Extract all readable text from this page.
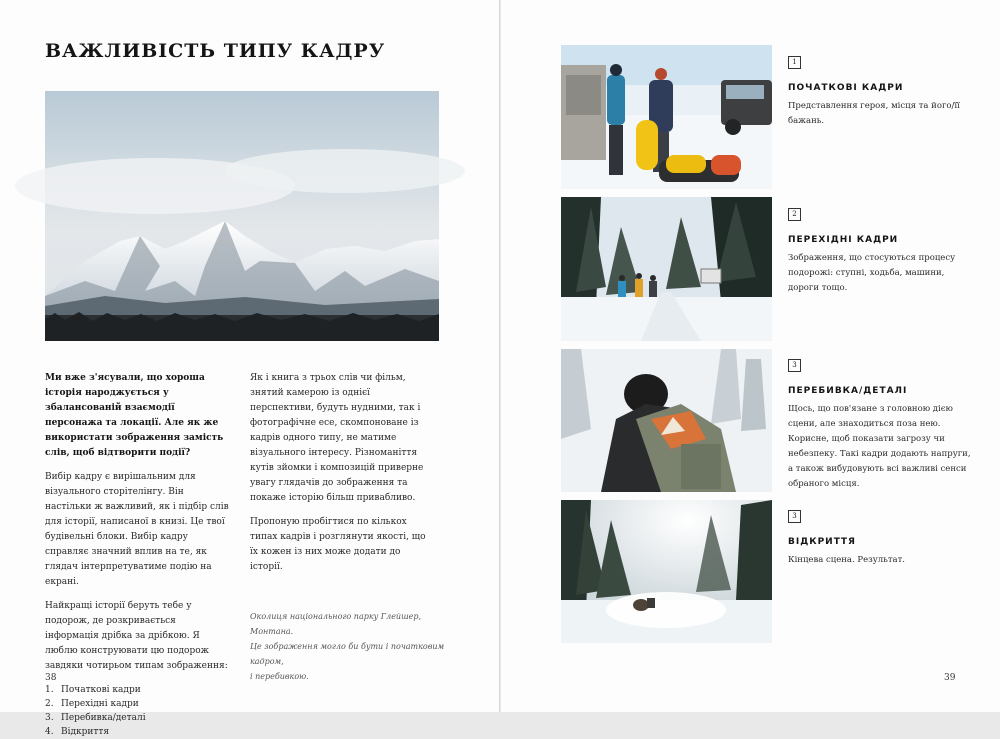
ВАЖЛИВІСТЬ ТИПУ КАДРУ

Ми вже з'ясували, що хороша історія народжується у збалансованій взаємодії персонажа та локації. Але як же використати зображення замість слів, щоб відтворити події?

Вибір кадру є вирішальним для візуального сторітелінгу. Він настільки ж важливий, як і підбір слів для історії, написаної в книзі. Це твої будівельні блоки. Вибір кадру справляє значний вплив на те, як глядач інтерпретуватиме подію на екрані.

Найкращі історії беруть тебе у подорож, де розкривається інформація дрібка за дрібкою. Я люблю конструювати цю подорож завдяки чотирьом типам зображення:

1. Початкові кадри
2. Перехідні кадри
3. Перебивка/деталі
4. Відкриття

Як і книга з трьох слів чи фільм, знятий камерою із однієї перспективи, будуть нудними, так і фотографічне есе, скомпоноване із кадрів одного типу, не матиме візуального інтересу. Різноманіття кутів зйомки і композицій приверне увагу глядачів до зображення та покаже історію більш привабливо.

Пропоную пробігтися по кількох типах кадрів і розглянути якості, що їх кожен із них може додати до історії.

Околиця національного парку Глейшер, Монтана.

Це зображення могло би бути і початковим кадром,

і перебивкою.

38
1
ПОЧАТКОВІ КАДРИ

Представлення героя, місця та його/її бажань.

2
ПЕРЕХІДНІ КАДРИ

Зображення, що стосуються процесу подорожі: ступні, ходьба, машини, дороги тощо.

3
ПЕРЕБИВКА/ДЕТАЛІ

Щось, що пов'язане з головною дією сцени, але знаходиться поза нею. Корисне, щоб показати загрозу чи небезпеку. Такі кадри додають напруги, а також вибудовують всі важливі сенси обраного місця.

3
ВІДКРИТТЯ

Кінцева сцена. Результат.

39
